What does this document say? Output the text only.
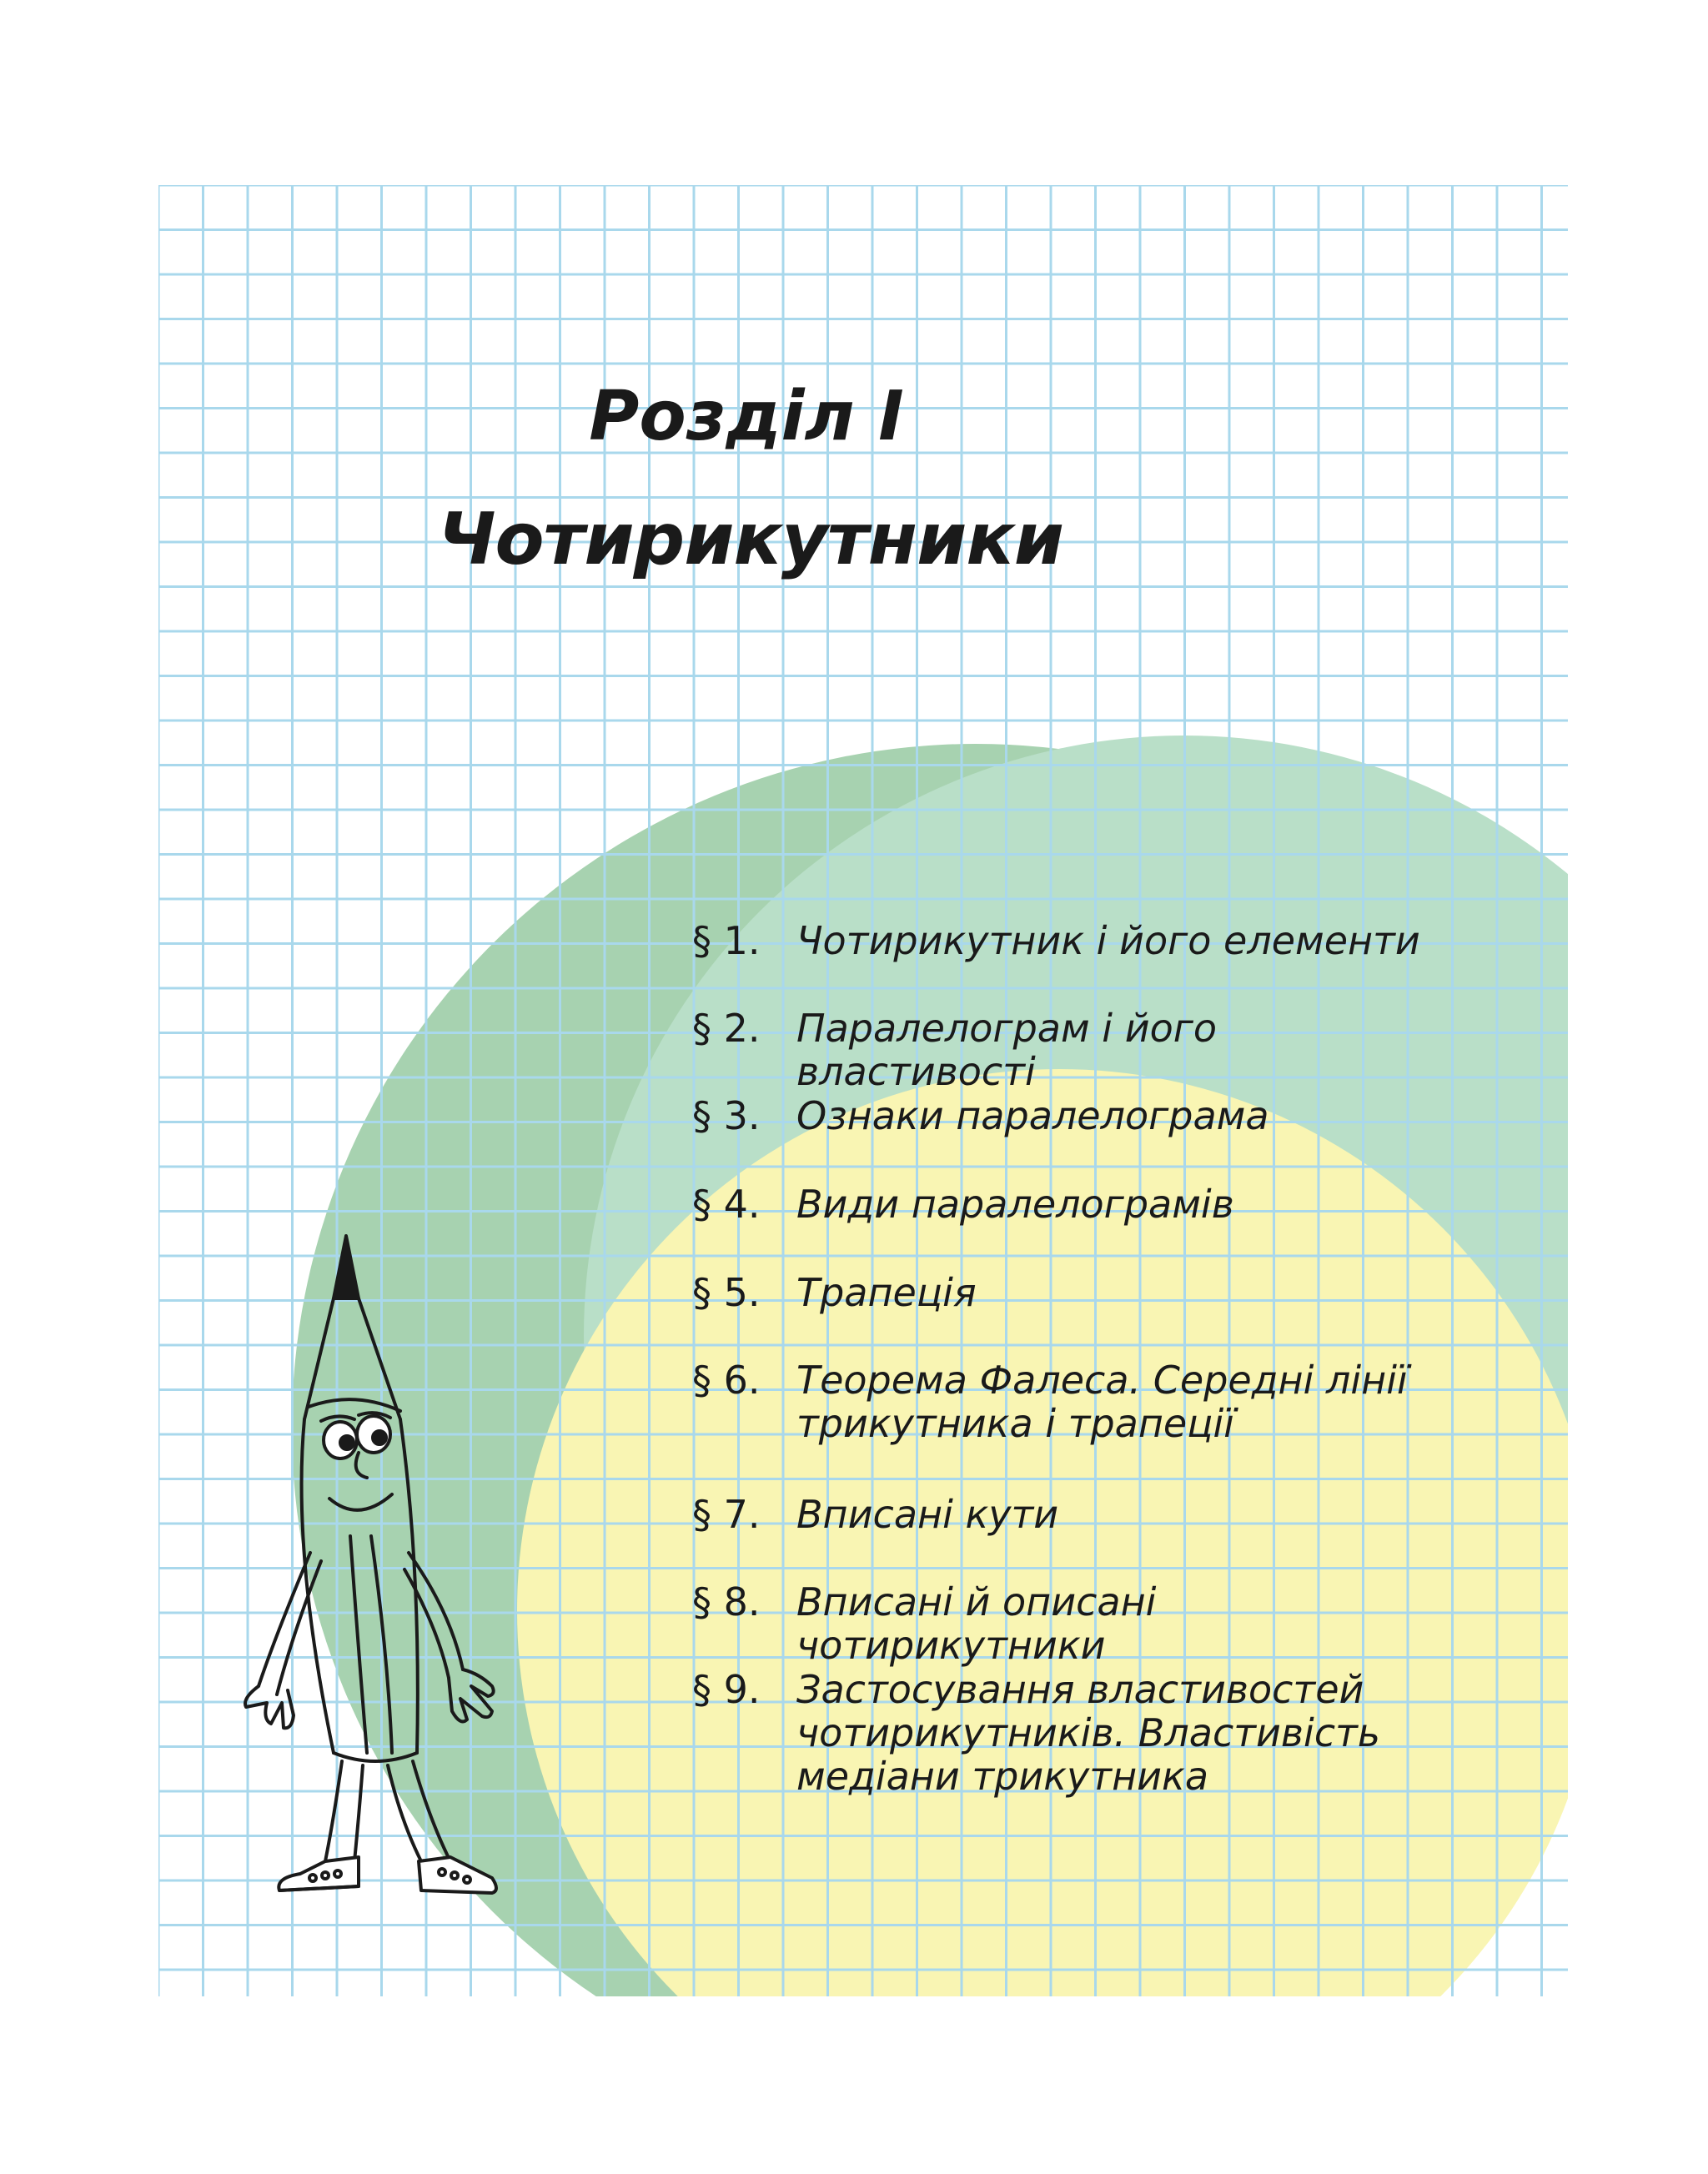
Розділ І
Чотирикутники
§ 1. Чотирикутник і його елементи
§ 2. Паралелограм і його властивості
§ 3. Ознаки паралелограма
§ 4. Види паралелограмів
§ 5. Трапеція
§ 6. Теорема Фалеса. Середні лінії
трикутника і трапеції
§ 7. Вписані кути
§ 8. Вписані й описані чотирикутники
§ 9. Застосування властивостей
чотирикутників. Властивість
медіани трикутника
